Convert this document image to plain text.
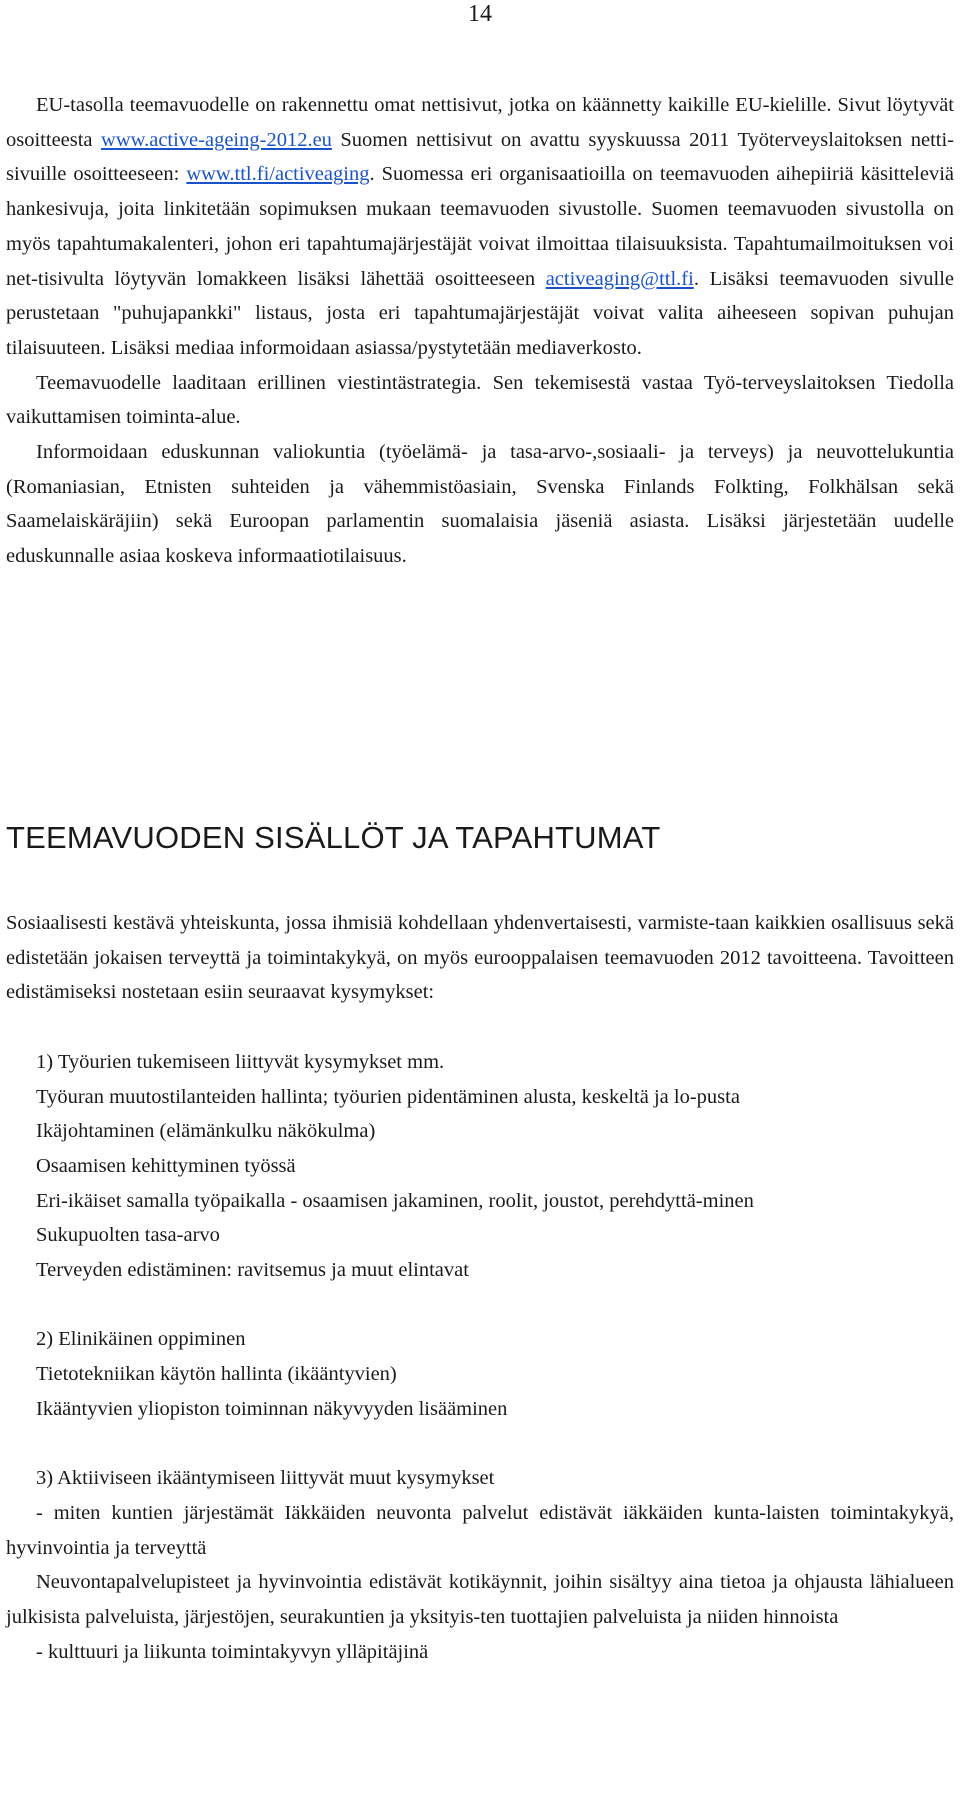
14

EU-tasolla teemavuodelle on rakennettu omat nettisivut, jotka on käännetty kaikille EU-kielille. Sivut löytyvät osoitteesta www.active-ageing-2012.eu Suomen nettisivut on avattu syyskuussa 2011 Työterveyslaitoksen netti-sivuille osoitteeseen: www.ttl.fi/activeaging. Suomessa eri organisaatioilla on teemavuoden aihepiiriä käsitteleviä hankesivuja, joita linkitetään sopimuksen mukaan teemavuoden sivustolle. Suomen teemavuoden sivustolla on myös tapahtumakalenteri, johon eri tapahtumajärjestäjät voivat ilmoittaa tilaisuuksista. Tapahtumailmoituksen voi net-tisivulta löytyvän lomakkeen lisäksi lähettää osoitteeseen activeaging@ttl.fi. Lisäksi teemavuoden sivulle perustetaan "puhujapankki" listaus, josta eri tapahtumajärjestäjät voivat valita aiheeseen sopivan puhujan tilaisuuteen. Lisäksi mediaa informoidaan asiassa/pystytetään mediaverkosto.

Teemavuodelle laaditaan erillinen viestintästrategia. Sen tekemisestä vastaa Työ-terveyslaitoksen Tiedolla vaikuttamisen toiminta-alue.

Informoidaan eduskunnan valiokuntia (työelämä- ja tasa-arvo-,sosiaali- ja terveys) ja neuvottelukuntia (Romaniasian, Etnisten suhteiden ja vähemmistöasiain, Svenska Finlands Folkting, Folkhälsan sekä Saamelaiskäräjiin) sekä Euroopan parlamentin suomalaisia jäseniä asiasta. Lisäksi järjestetään uudelle eduskunnalle asiaa koskeva informaatiotilaisuus.

TEEMAVUODEN SISÄLLÖT JA TAPAHTUMAT

Sosiaalisesti kestävä yhteiskunta, jossa ihmisiä kohdellaan yhdenvertaisesti, varmiste-taan kaikkien osallisuus sekä edistetään jokaisen terveyttä ja toimintakykyä, on myös eurooppalaisen teemavuoden 2012 tavoitteena. Tavoitteen edistämiseksi nostetaan esiin seuraavat kysymykset:

1) Työurien tukemiseen liittyvät kysymykset mm.

Työuran muutostilanteiden hallinta; työurien pidentäminen alusta, keskeltä ja lo-pusta

Ikäjohtaminen (elämänkulku näkökulma)

Osaamisen kehittyminen työssä

Eri-ikäiset samalla työpaikalla - osaamisen jakaminen, roolit, joustot, perehdyttä-minen

Sukupuolten tasa-arvo

Terveyden edistäminen: ravitsemus ja muut elintavat

2) Elinikäinen oppiminen

Tietotekniikan käytön hallinta (ikääntyvien)

Ikääntyvien yliopiston toiminnan näkyvyyden lisääminen

3) Aktiiviseen ikääntymiseen liittyvät muut kysymykset

- miten kuntien järjestämät Iäkkäiden neuvonta palvelut edistävät iäkkäiden kunta-laisten toimintakykyä, hyvinvointia ja terveyttä

Neuvontapalvelupisteet ja hyvinvointia edistävät kotikäynnit, joihin sisältyy aina tietoa ja ohjausta lähialueen julkisista palveluista, järjestöjen, seurakuntien ja yksityis-ten tuottajien palveluista ja niiden hinnoista

- kulttuuri ja liikunta toimintakyvyn ylläpitäjinä
